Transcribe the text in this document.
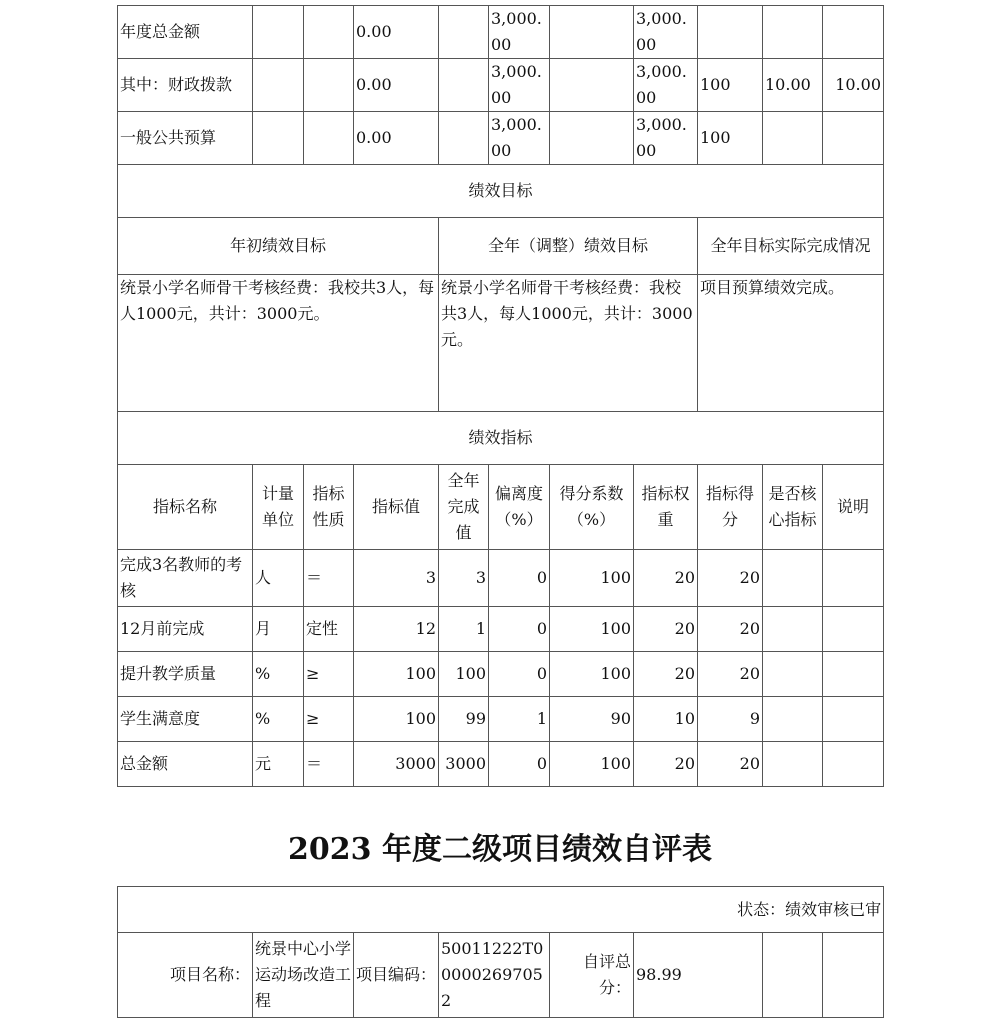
年度总金额			0.00		3,000.00		3,000.00			
其中：财政拨款			0.00		3,000.00		3,000.00	100	10.00	10.00
一般公共预算			0.00		3,000.00		3,000.00	100		
绩效目标										
年初绩效目标				全年（调整）绩效目标				全年目标实际完成情况		
统景小学名师骨干考核经费：我校共3人，每人1000元，共计：3000元。				统景小学名师骨干考核经费：我校共3人，每人1000元，共计：3000元。				项目预算绩效完成。		
绩效指标										
指标名称	计量单位	指标性质	指标值	全年完成值	偏离度（%）	得分系数（%）	指标权重	指标得分	是否核心指标	说明
完成3名教师的考核	人	＝	3	3	0	100	20	20		
12月前完成	月	定性	12	1	0	100	20	20		
提升教学质量	%	≥	100	100	0	100	20	20		
学生满意度	%	≥	100	99	1	90	10	9		
总金额	元	＝	3000	3000	0	100	20	20		
2023 年度二级项目绩效自评表
状态：绩效审核已审
项目名称：	统景中心小学运动场改造工程	项目编码：	50011222T000002697052	自评总分：	98.99		
